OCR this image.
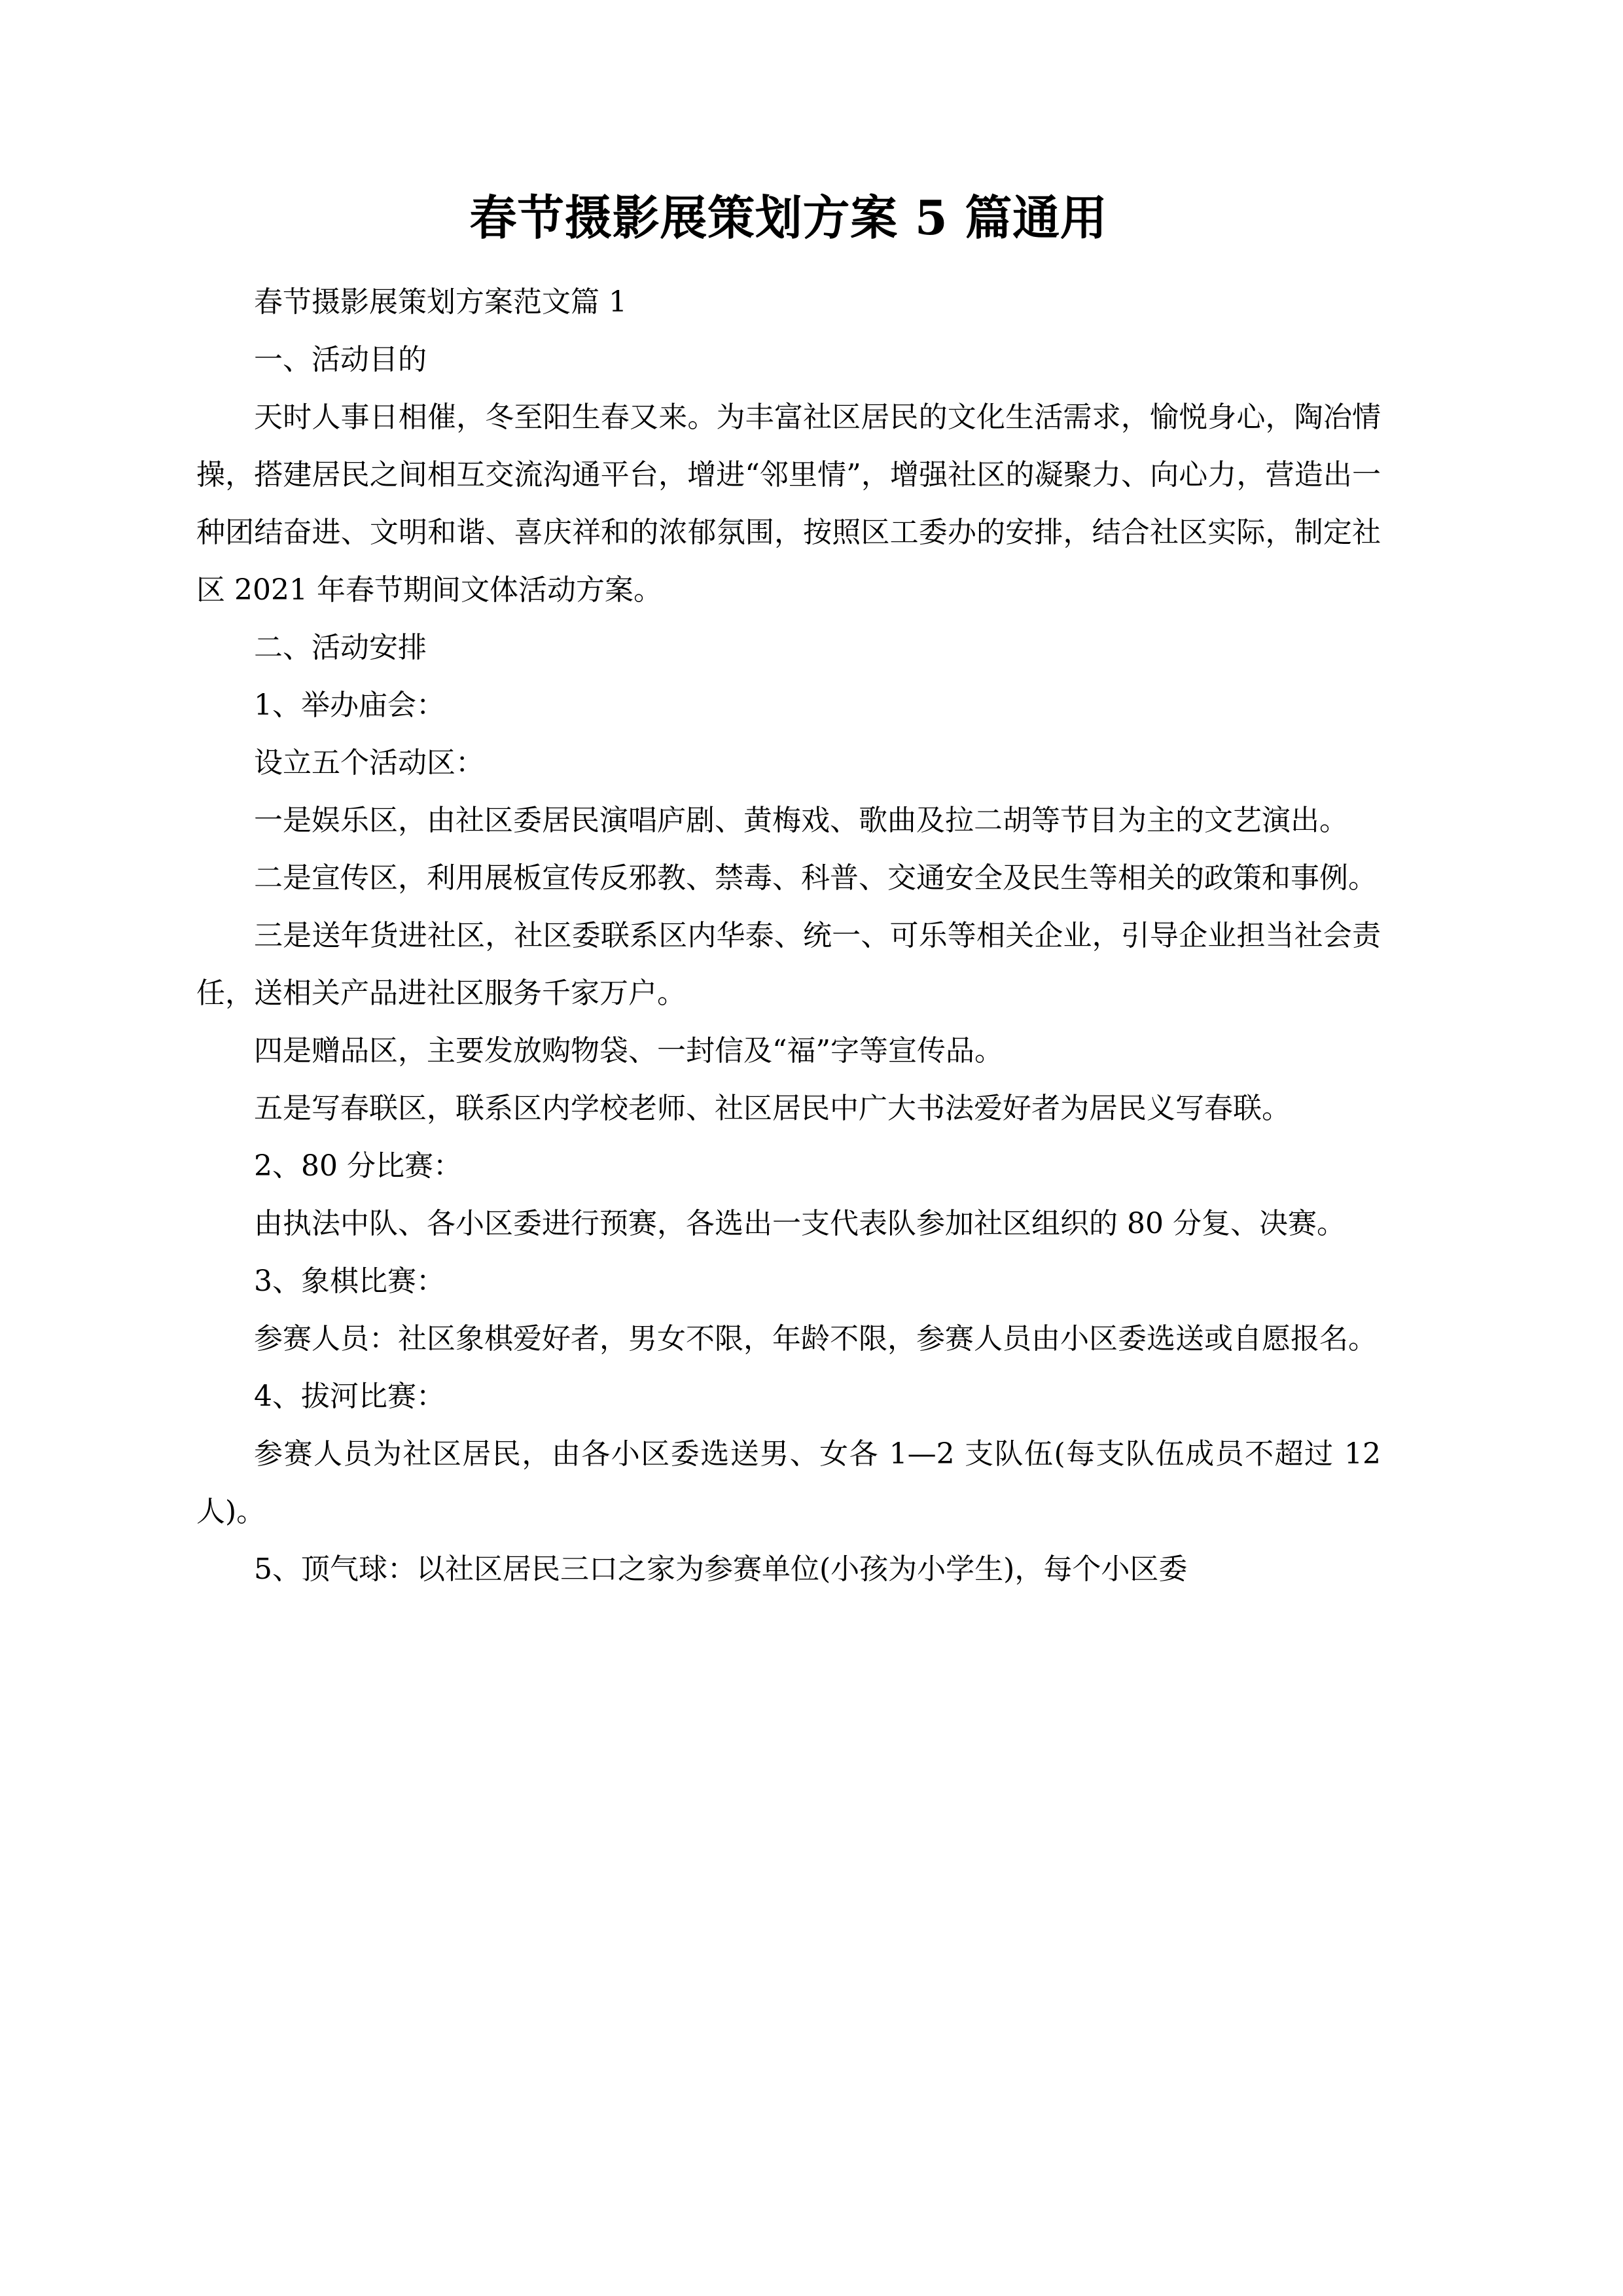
春节摄影展策划方案 5 篇通用

春节摄影展策划方案范文篇 1

一、活动目的

天时人事日相催，冬至阳生春又来。为丰富社区居民的文化生活需求，愉悦身心，陶冶情操，搭建居民之间相互交流沟通平台，增进“邻里情”，增强社区的凝聚力、向心力，营造出一种团结奋进、文明和谐、喜庆祥和的浓郁氛围，按照区工委办的安排，结合社区实际，制定社区 2021 年春节期间文体活动方案。

二、活动安排

1、举办庙会：

设立五个活动区：

一是娱乐区，由社区委居民演唱庐剧、黄梅戏、歌曲及拉二胡等节目为主的文艺演出。

二是宣传区，利用展板宣传反邪教、禁毒、科普、交通安全及民生等相关的政策和事例。

三是送年货进社区，社区委联系区内华泰、统一、可乐等相关企业，引导企业担当社会责任，送相关产品进社区服务千家万户。

四是赠品区，主要发放购物袋、一封信及“福”字等宣传品。

五是写春联区，联系区内学校老师、社区居民中广大书法爱好者为居民义写春联。

2、80 分比赛：

由执法中队、各小区委进行预赛，各选出一支代表队参加社区组织的 80 分复、决赛。

3、象棋比赛：

参赛人员：社区象棋爱好者，男女不限，年龄不限，参赛人员由小区委选送或自愿报名。

4、拔河比赛：

参赛人员为社区居民，由各小区委选送男、女各 1—2 支队伍(每支队伍成员不超过 12 人)。

5、顶气球：以社区居民三口之家为参赛单位(小孩为小学生)，每个小区委
